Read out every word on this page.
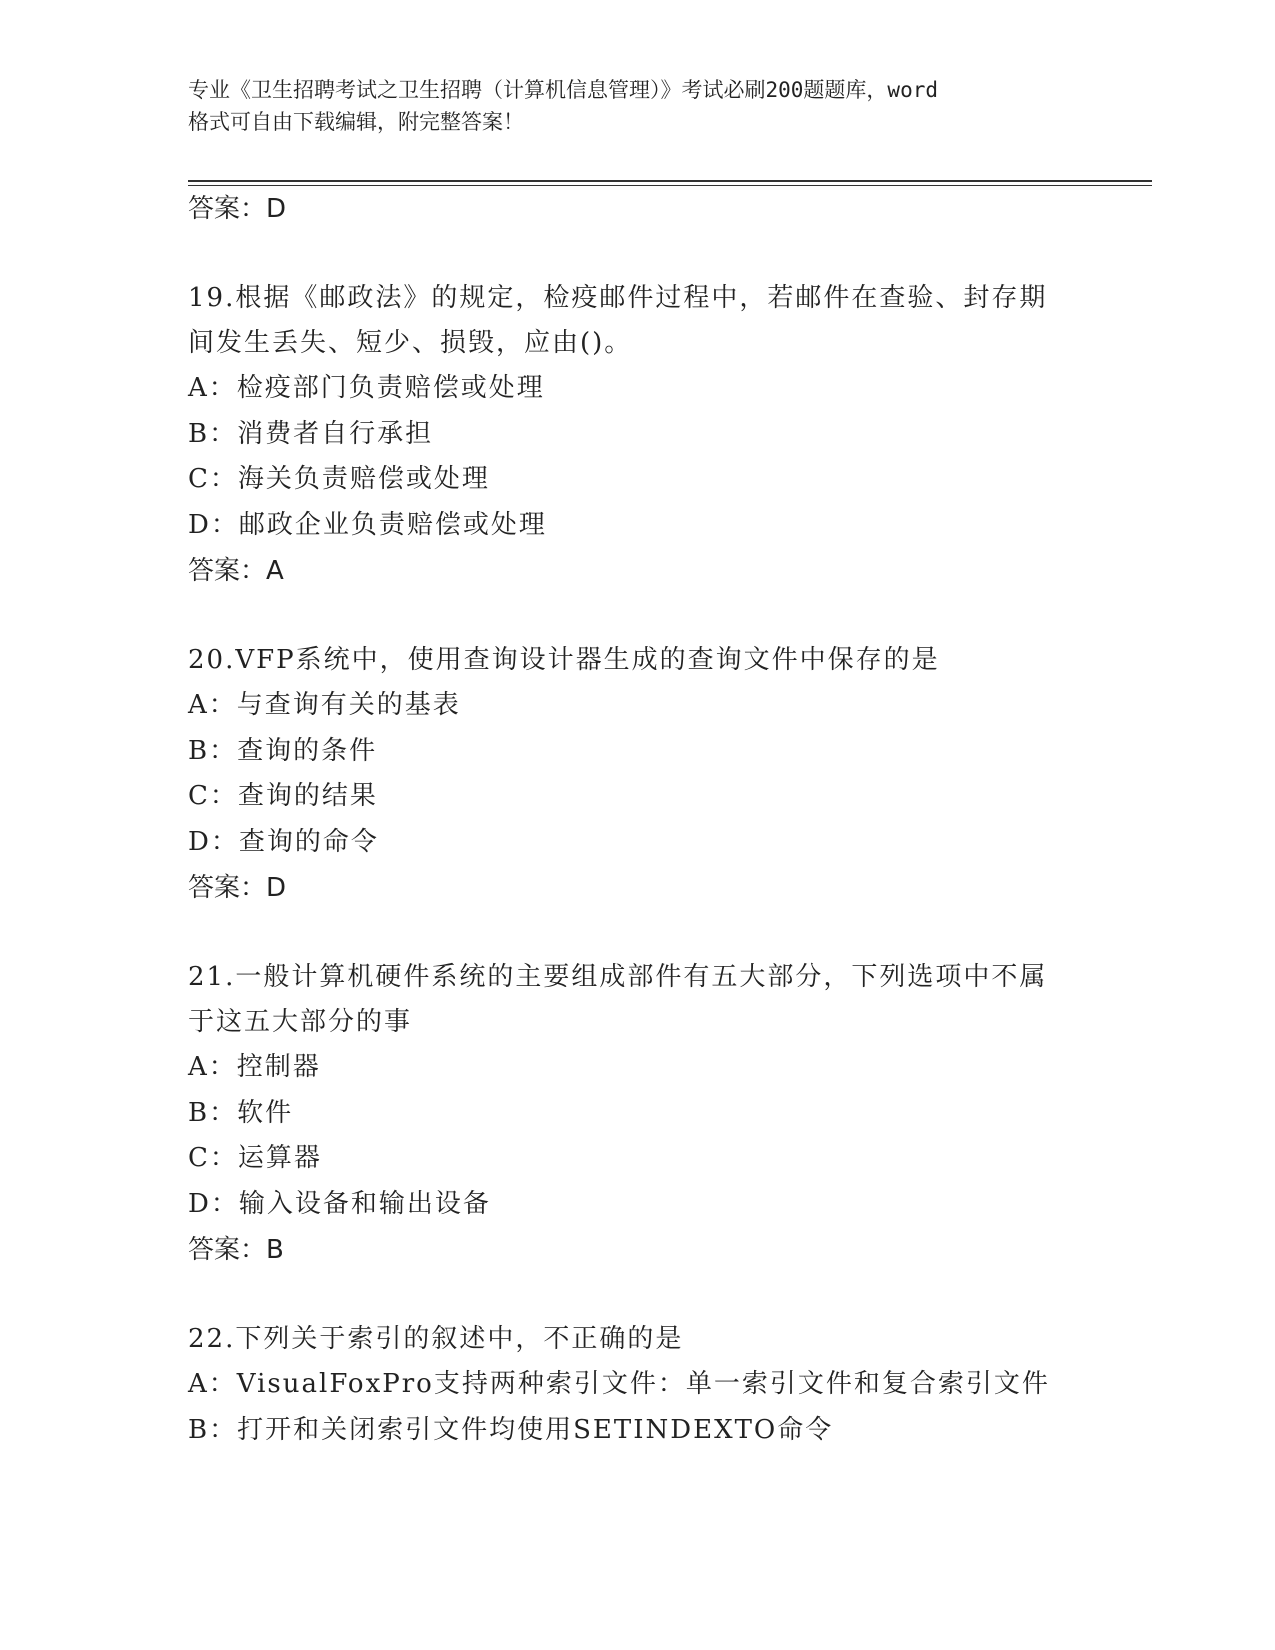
专业《卫生招聘考试之卫生招聘（计算机信息管理）》考试必刷200题题库，word
格式可自由下载编辑，附完整答案！
答案：D
19.根据《邮政法》的规定，检疫邮件过程中，若邮件在查验、封存期
间发生丢失、短少、损毁，应由()。
A：检疫部门负责赔偿或处理
B：消费者自行承担
C：海关负责赔偿或处理
D：邮政企业负责赔偿或处理
答案：A
20.VFP系统中，使用查询设计器生成的查询文件中保存的是
A：与查询有关的基表
B：查询的条件
C：查询的结果
D：查询的命令
答案：D
21.一般计算机硬件系统的主要组成部件有五大部分，下列选项中不属
于这五大部分的事
A：控制器
B：软件
C：运算器
D：输入设备和输出设备
答案：B
22.下列关于索引的叙述中，不正确的是
A：VisualFoxPro支持两种索引文件：单一索引文件和复合索引文件
B：打开和关闭索引文件均使用SETINDEXTO命令
